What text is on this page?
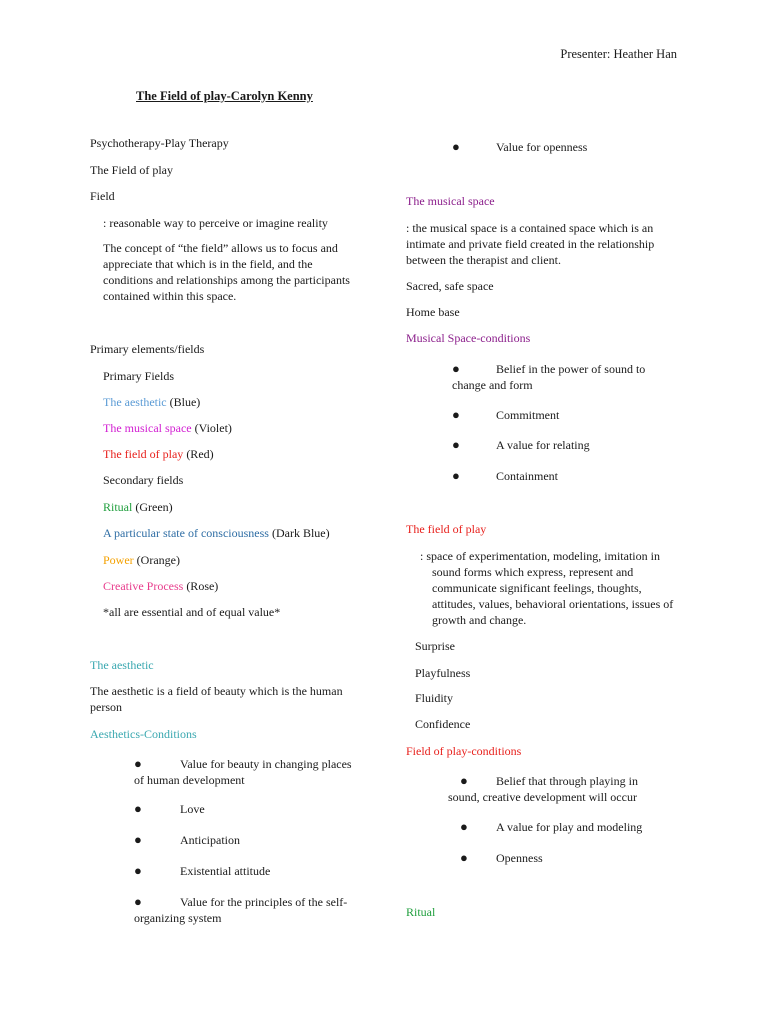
Presenter: Heather Han
The Field of play-Carolyn Kenny
Psychotherapy-Play Therapy
The Field of play
Field
: reasonable way to perceive or imagine reality
The concept of “the field” allows us to focus and appreciate that which is in the field, and the conditions and relationships among the participants contained within this space.
Primary elements/fields
Primary Fields
The aesthetic (Blue)
The musical space (Violet)
The field of play (Red)
Secondary fields
Ritual (Green)
A particular state of consciousness (Dark Blue)
Power (Orange)
Creative Process (Rose)
*all are essential and of equal value*
The aesthetic
The aesthetic is a field of beauty which is the human person
Aesthetics-Conditions
●	Value for beauty in changing places of human development
●	Love
●	Anticipation
●	Existential attitude
●	Value for the principles of the self-organizing system
●	Value for openness
The musical space
: the musical space is a contained space which is an intimate and private field created in the relationship between the therapist and client.
Sacred, safe space
Home base
Musical Space-conditions
●	Belief in the power of sound to change and form
●	Commitment
●	A value for relating
●	Containment
The field of play
: space of experimentation, modeling, imitation in sound forms which express, represent and communicate significant feelings, thoughts, attitudes, values, behavioral orientations, issues of growth and change.
Surprise
Playfulness
Fluidity
Confidence
Field of play-conditions
●	Belief that through playing in sound, creative development will occur
●	A value for play and modeling
●	Openness
Ritual
